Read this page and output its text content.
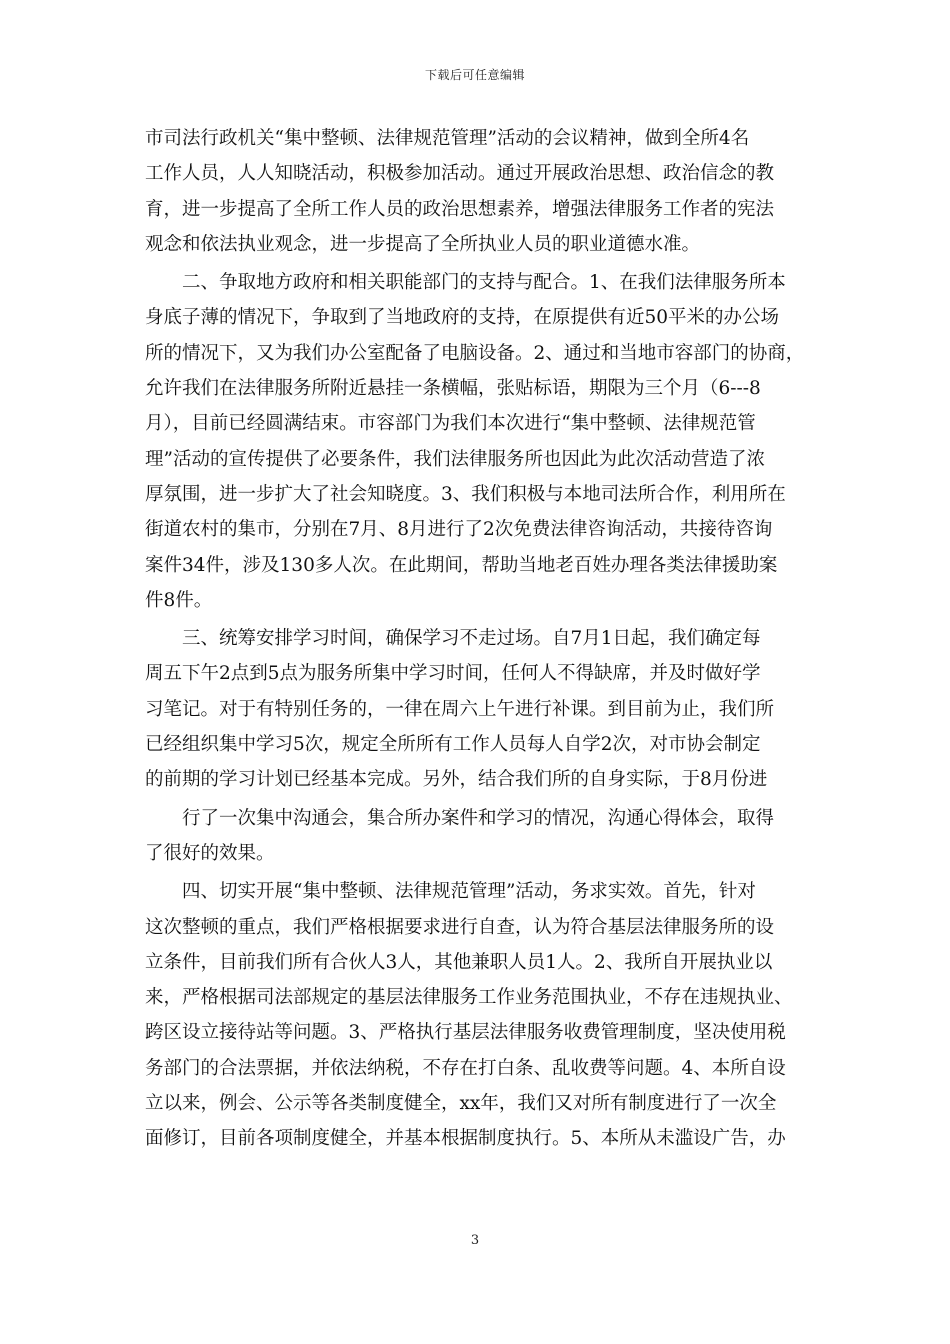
下载后可任意编辑
市司法行政机关“集中整顿、法律规范管理”活动的会议精神，做到全所4名
工作人员，人人知晓活动，积极参加活动。通过开展政治思想、政治信念的教
育，进一步提高了全所工作人员的政治思想素养，增强法律服务工作者的宪法
观念和依法执业观念，进一步提高了全所执业人员的职业道德水准。
二、争取地方政府和相关职能部门的支持与配合。1、在我们法律服务所本
身底子薄的情况下，争取到了当地政府的支持，在原提供有近50平米的办公场
所的情况下，又为我们办公室配备了电脑设备。2、通过和当地市容部门的协商，
允许我们在法律服务所附近悬挂一条横幅，张贴标语，期限为三个月（6---8
月），目前已经圆满结束。市容部门为我们本次进行“集中整顿、法律规范管
理”活动的宣传提供了必要条件，我们法律服务所也因此为此次活动营造了浓
厚氛围，进一步扩大了社会知晓度。3、我们积极与本地司法所合作，利用所在
街道农村的集市，分别在7月、8月进行了2次免费法律咨询活动，共接待咨询
案件34件，涉及130多人次。在此期间，帮助当地老百姓办理各类法律援助案
件8件。
三、统筹安排学习时间，确保学习不走过场。自7月1日起，我们确定每
周五下午2点到5点为服务所集中学习时间，任何人不得缺席，并及时做好学
习笔记。对于有特别任务的，一律在周六上午进行补课。到目前为止，我们所
已经组织集中学习5次，规定全所所有工作人员每人自学2次，对市协会制定
的前期的学习计划已经基本完成。另外，结合我们所的自身实际，于8月份进
行了一次集中沟通会，集合所办案件和学习的情况，沟通心得体会，取得
了很好的效果。
四、切实开展“集中整顿、法律规范管理”活动，务求实效。首先，针对
这次整顿的重点，我们严格根据要求进行自查，认为符合基层法律服务所的设
立条件，目前我们所有合伙人3人，其他兼职人员1人。2、我所自开展执业以
来，严格根据司法部规定的基层法律服务工作业务范围执业，不存在违规执业、
跨区设立接待站等问题。3、严格执行基层法律服务收费管理制度，坚决使用税
务部门的合法票据，并依法纳税，不存在打白条、乱收费等问题。4、本所自设
立以来，例会、公示等各类制度健全，xx年，我们又对所有制度进行了一次全
面修订，目前各项制度健全，并基本根据制度执行。5、本所从未滥设广告，办
3
